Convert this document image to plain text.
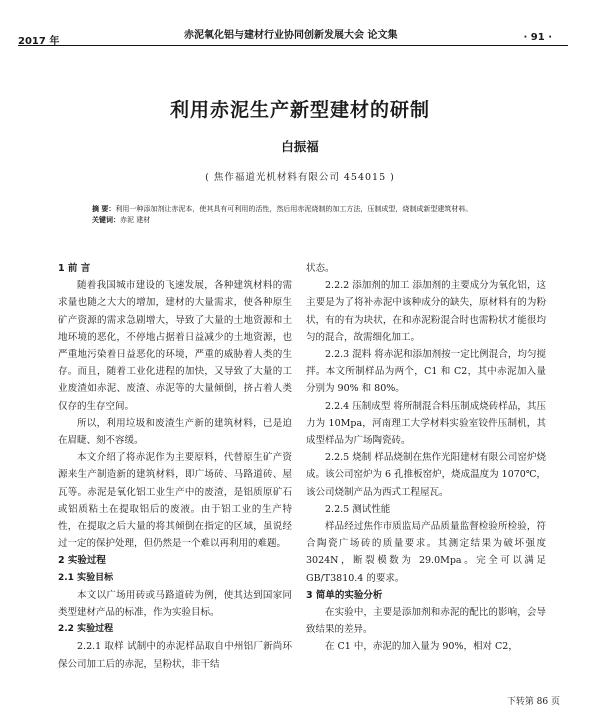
2017 年
赤泥氧化铝与建材行业协同创新发展大会 论文集	· 91 ·
利用赤泥生产新型建材的研制
白振福
( 焦作福道光机材料有限公司 454015 )
摘 要：利用一种添加剂让赤泥本，使其具有可利用的活性，然后用赤泥烧制的加工方法，压制成型，烧制成新型建筑材料。
关键词：赤泥 建材

1 前 言

随着我国城市建设的飞速发展，各种建筑材料的需求量也随之大大的增加，建材的大量需求，使各种原生矿产资源的需求急剧增大，导致了大量的土地资源和土地环境的恶化，不停地占据着日益减少的土地资源，也严重地污染着日益恶化的环境，严重的威胁着人类的生存。而且，随着工业化进程的加快，又导致了大量的工业废渣如赤泥、废渣、赤泥等的大量倾倒，挤占着人类仅存的生存空间。

所以，利用垃圾和废渣生产新的建筑材料，已是迫在眉睫、刻不容缓。

本文介绍了将赤泥作为主要原料，代替原生矿产资源来生产制造新的建筑材料，即广场砖、马路道砖、屋瓦等。赤泥是氧化铝工业生产中的废渣，是铝质原矿石或铝质粘土在提取铝后的废液。由于铝工业的生产特性，在提取之后大量的将其倾倒在指定的区域，虽说经过一定的保护处理，但仍然是一个难以再利用的难题。

2 实验过程

2.1 实验目标

本文以广场用砖或马路道砖为例，使其达到国家同类型建材产品的标准，作为实验目标。

2.2 实验过程

2.2.1 取样 试制中的赤泥样品取自中州铝厂新尚环保公司加工后的赤泥，呈粉状，非干结

状态。

2.2.2 添加剂的加工 添加剂的主要成分为氧化铝，这主要是为了将补赤泥中该种成分的缺失，原材料有的为粉状，有的有为块状，在和赤泥粉混合时也需粉状才能很均匀的混合，故需细化加工。

2.2.3 混料 将赤泥和添加剂按一定比例混合，均匀搅拌。本文所制样品为两个，C1 和 C2，其中赤泥加入量分别为 90% 和 80%。

2.2.4 压制成型 将所制混合料压制成烧砖样品，其压力为 10Mpa，河南理工大学材料实验室铰件压制机，其成型样品为广场陶瓷砖。

2.2.5 烧制 样品烧制在焦作光阳建材有限公司窑炉烧成。该公司窑炉为 6 孔推板窑炉，烧成温度为 1070℃，该公司烧制产品为西式工程屋瓦。

2.2.5 测试性能

样品经过焦作市质监局产品质量监督检验所检验，符合陶瓷广场砖的质量要求。其测定结果为破坏强度 3024N，断裂模数为 29.0Mpa。完全可以满足 GB/T3810.4 的要求。

3 简单的实验分析

在实验中，主要是添加剂和赤泥的配比的影响，会导致结果的差异。

在 C1 中，赤泥的加入量为 90%，相对 C2，

下转第 86 页
